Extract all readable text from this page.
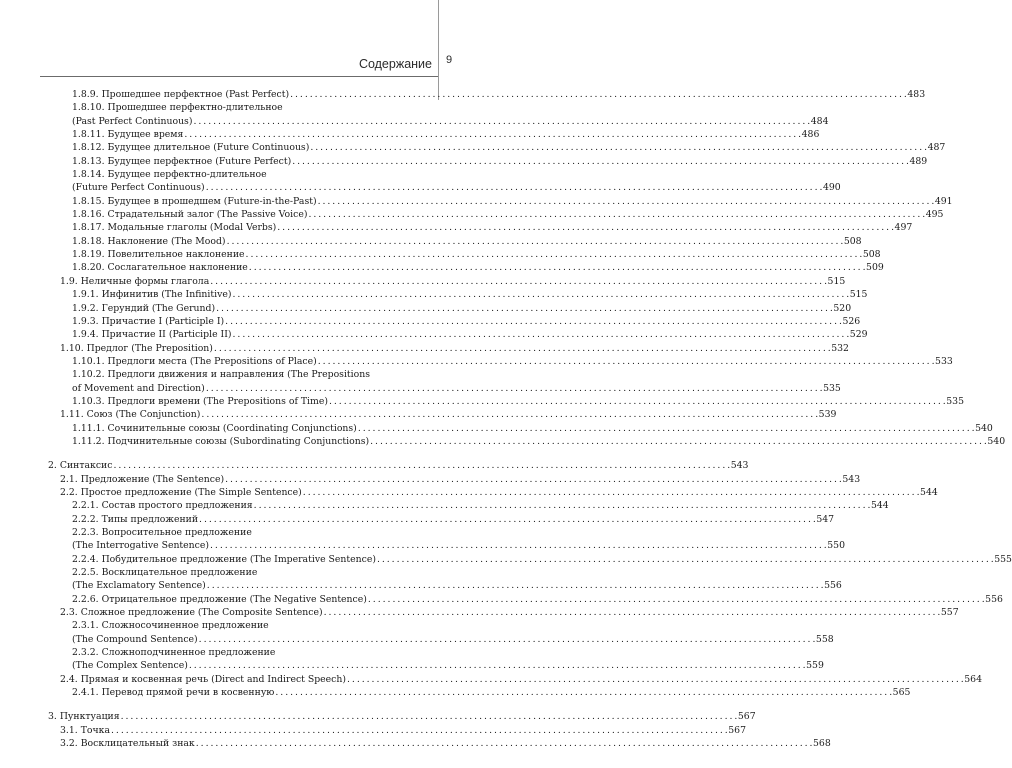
Содержание 9
1.8.9. Прошедшее перфектное (Past Perfect) . . .	483
1.8.10. Прошедшее перфектно-длительное
(Past Perfect Continuous) . . .	484
1.8.11. Будущее время . . .	486
1.8.12. Будущее длительное (Future Continuous) . . .	487
1.8.13. Будущее перфектное (Future Perfect) . . .	489
1.8.14. Будущее перфектно-длительное
(Future Perfect Continuous) . . .	490
1.8.15. Будущее в прошедшем (Future-in-the-Past) . . .	491
1.8.16. Страдательный залог (The Passive Voice) . . .	495
1.8.17. Модальные глаголы (Modal Verbs) . . .	497
1.8.18. Наклонение (The Mood) . . .	508
1.8.19. Повелительное наклонение . . .	508
1.8.20. Сослагательное наклонение . . .	509
1.9. Неличные формы глагола . . .	515
1.9.1. Инфинитив (The Infinitive) . . .	515
1.9.2. Герундий (The Gerund) . . .	520
1.9.3. Причастие I (Participle I) . . .	526
1.9.4. Причастие II (Participle II) . . .	529
1.10. Предлог (The Preposition) . . .	532
1.10.1. Предлоги места (The Prepositions of Place) . . .	533
1.10.2. Предлоги движения и направления (The Prepositions
of Movement and Direction) . . .	535
1.10.3. Предлоги времени (The Prepositions of Time) . . .	535
1.11. Союз (The Conjunction) . . .	539
1.11.1. Сочинительные союзы (Coordinating Conjunctions) . . .	540
1.11.2. Подчинительные союзы (Subordinating Conjunctions) . . .	540
2. Синтаксис . . .	543
2.1. Предложение (The Sentence) . . .	543
2.2. Простое предложение (The Simple Sentence) . . .	544
2.2.1. Состав простого предложения . . .	544
2.2.2. Типы предложений . . .	547
2.2.3. Вопросительное предложение
(The Interrogative Sentence) . . .	550
2.2.4. Побудительное предложение (The Imperative Sentence) . . .	555
2.2.5. Восклицательное предложение
(The Exclamatory Sentence) . . .	556
2.2.6. Отрицательное предложение (The Negative Sentence) . . .	556
2.3. Сложное предложение (The Composite Sentence) . . .	557
2.3.1. Сложносочиненное предложение
(The Compound Sentence) . . .	558
2.3.2. Сложноподчиненное предложение
(The Complex Sentence) . . .	559
2.4. Прямая и косвенная речь (Direct and Indirect Speech) . . .	564
2.4.1. Перевод прямой речи в косвенную . . .	565
3. Пунктуация . . .	567
3.1. Точка . . .	567
3.2. Восклицательный знак . . .	568
